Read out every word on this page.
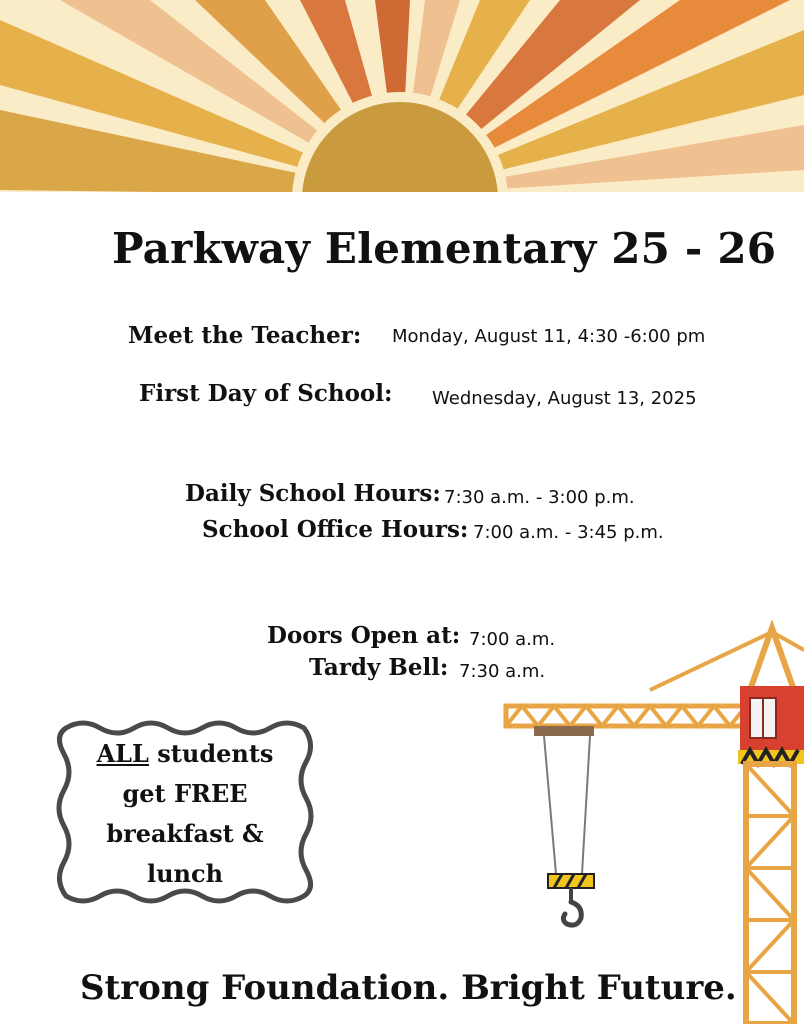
Parkway Elementary 25 - 26
Meet the Teacher: Monday, August 11, 4:30 -6:00 pm
First Day of School: Wednesday, August 13, 2025
Daily School Hours: 7:30 a.m. - 3:00 p.m.
School Office Hours: 7:00 a.m. - 3:45 p.m.
Doors Open at: 7:00 a.m.
Tardy Bell: 7:30 a.m.
ALL students
get FREE
breakfast &
lunch
Strong Foundation. Bright Future.
